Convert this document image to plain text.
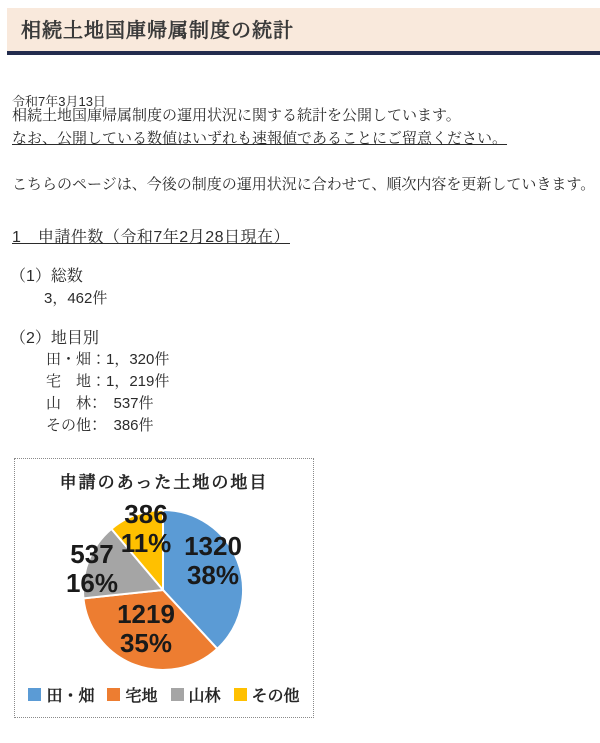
相続土地国庫帰属制度の統計
令和7年3月13日
相続土地国庫帰属制度の運用状況に関する統計を公開しています。
なお、公開している数値はいずれも速報値であることにご留意ください。
こちらのページは、今後の制度の運用状況に合わせて、順次内容を更新していきます。
1　申請件数（令和7年2月28日現在）
（1）総数
3，462件
（2）地目別
田・畑：1，320件
宅　地：1，219件
山　林：　537件
その他：　386件
1320 38%
1219 35%
537 16%
386 11%
申請のあった土地の地目
田・畑 宅地 山林 その他
